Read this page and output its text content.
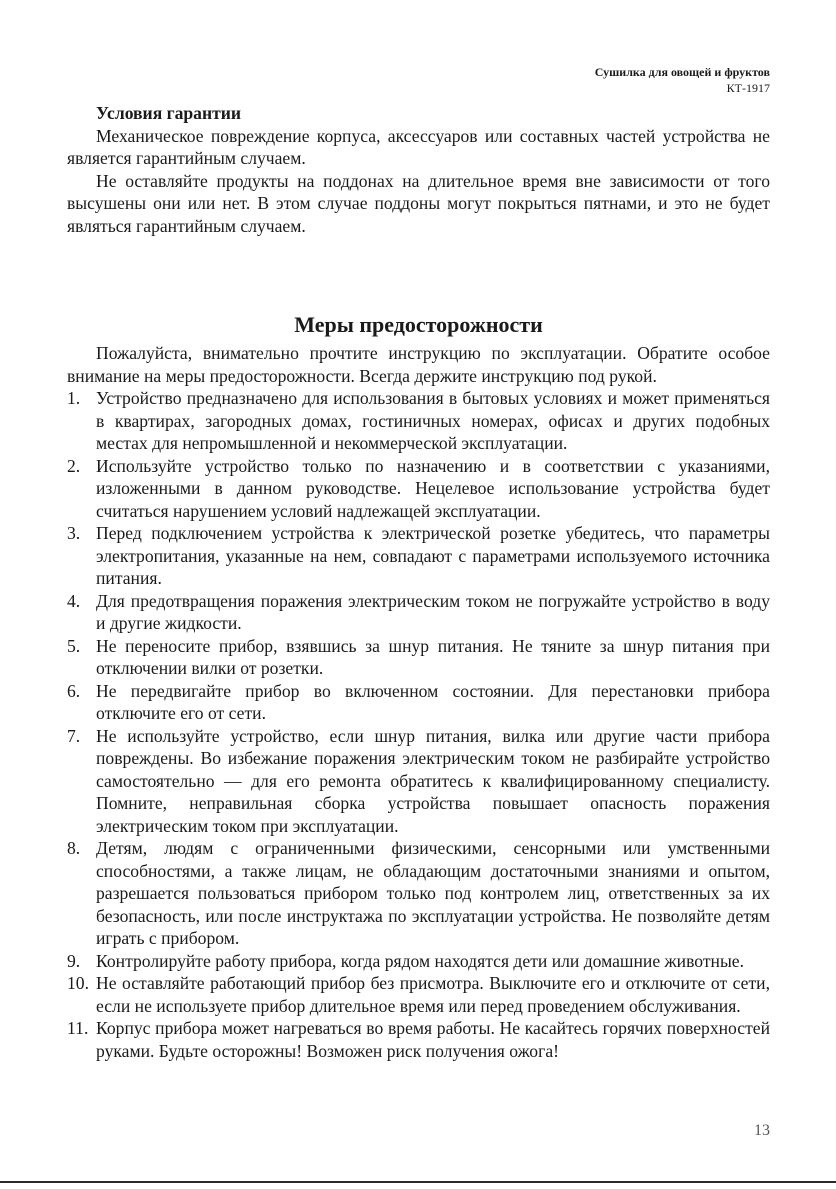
Сушилка для овощей и фруктов
КТ-1917

Условия гарантии

Механическое повреждение корпуса, аксессуаров или составных частей устройства не является гарантийным случаем.

Не оставляйте продукты на поддонах на длительное время вне зависимости от того высушены они или нет. В этом случае поддоны могут покрыться пятнами, и это не будет являться гарантийным случаем.

Меры предосторожности

Пожалуйста, внимательно прочтите инструкцию по эксплуатации. Обратите особое внимание на меры предосторожности. Всегда держите инструкцию под рукой.

1. Устройство предназначено для использования в бытовых условиях и может применяться в квартирах, загородных домах, гостиничных номерах, офисах и других подобных местах для непромышленной и некоммерческой эксплуатации.
2. Используйте устройство только по назначению и в соответствии с указаниями, изложенными в данном руководстве. Нецелевое использование устройства будет считаться нарушением условий надлежащей эксплуатации.
3. Перед подключением устройства к электрической розетке убедитесь, что параметры электропитания, указанные на нем, совпадают с параметрами используемого источника питания.
4. Для предотвращения поражения электрическим током не погружайте устройство в воду и другие жидкости.
5. Не переносите прибор, взявшись за шнур питания. Не тяните за шнур питания при отключении вилки от розетки.
6. Не передвигайте прибор во включенном состоянии. Для перестановки прибора отключите его от сети.
7. Не используйте устройство, если шнур питания, вилка или другие части прибора повреждены. Во избежание поражения электрическим током не разбирайте устройство самостоятельно — для его ремонта обратитесь к квалифицированному специалисту. Помните, неправильная сборка устройства повышает опасность поражения электрическим током при эксплуатации.
8. Детям, людям с ограниченными физическими, сенсорными или умственными способностями, а также лицам, не обладающим достаточными знаниями и опытом, разрешается пользоваться прибором только под контролем лиц, ответственных за их безопасность, или после инструктажа по эксплуатации устройства. Не позволяйте детям играть с прибором.
9. Контролируйте работу прибора, когда рядом находятся дети или домашние животные.
10. Не оставляйте работающий прибор без присмотра. Выключите его и отключите от сети, если не используете прибор длительное время или перед проведением обслуживания.
11. Корпус прибора может нагреваться во время работы. Не касайтесь горячих поверхностей руками. Будьте осторожны! Возможен риск получения ожога!
13
